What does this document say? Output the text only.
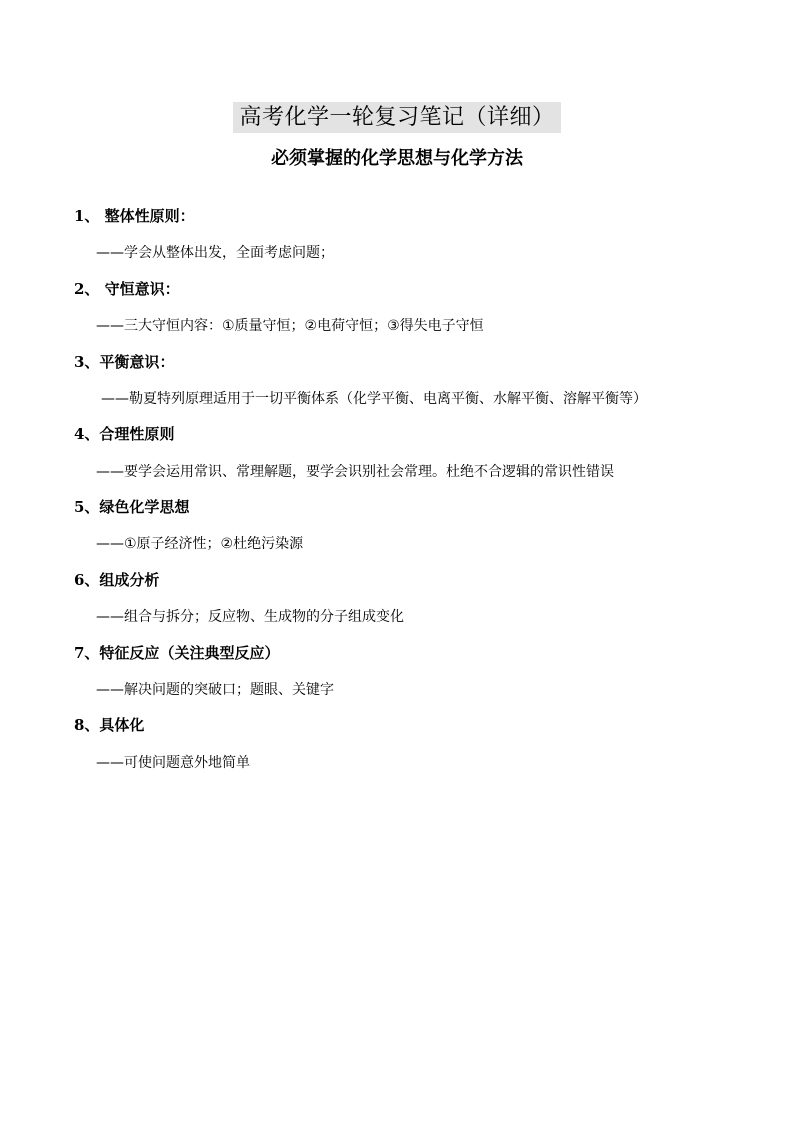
高考化学一轮复习笔记（详细）
必须掌握的化学思想与化学方法
1、 整体性原则：
——学会从整体出发，全面考虑问题；
2、 守恒意识：
——三大守恒内容：①质量守恒；②电荷守恒；③得失电子守恒
3、平衡意识：
——勒夏特列原理适用于一切平衡体系（化学平衡、电离平衡、水解平衡、溶解平衡等）
4、合理性原则
——要学会运用常识、常理解题，要学会识别社会常理。杜绝不合逻辑的常识性错误
5、绿色化学思想
——①原子经济性；②杜绝污染源
6、组成分析
——组合与拆分；反应物、生成物的分子组成变化
7、特征反应（关注典型反应）
——解决问题的突破口；题眼、关键字
8、具体化
——可使问题意外地简单
